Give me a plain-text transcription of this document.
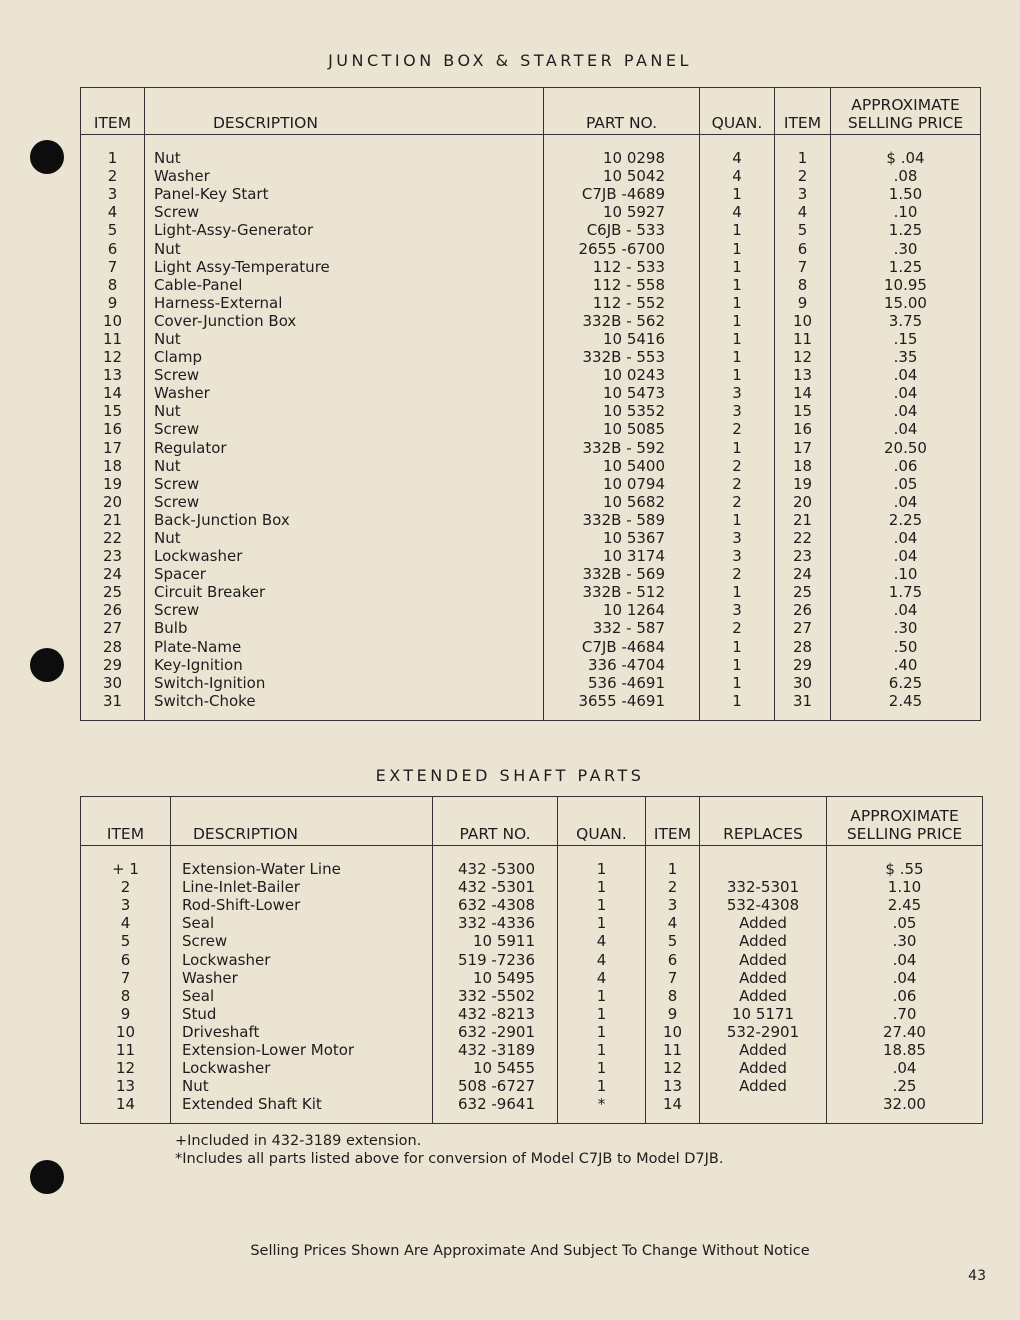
JUNCTION BOX & STARTER PANEL
ITEM	DESCRIPTION	PART NO.	QUAN.	ITEM	APPROXIMATE
SELLING PRICE

1	Nut	10 0298	4	1	$ .04
2	Washer	10 5042	4	2	.08
3	Panel-Key Start	C7JB -4689	1	3	1.50
4	Screw	10 5927	4	4	.10
5	Light-Assy-Generator	C6JB - 533	1	5	1.25
6	Nut	2655 -6700	1	6	.30
7	Light Assy-Temperature	112 - 533	1	7	1.25
8	Cable-Panel	112 - 558	1	8	10.95
9	Harness-External	112 - 552	1	9	15.00
10	Cover-Junction Box	332B - 562	1	10	3.75
11	Nut	10 5416	1	11	.15
12	Clamp	332B - 553	1	12	.35
13	Screw	10 0243	1	13	.04
14	Washer	10 5473	3	14	.04
15	Nut	10 5352	3	15	.04
16	Screw	10 5085	2	16	.04
17	Regulator	332B - 592	1	17	20.50
18	Nut	10 5400	2	18	.06
19	Screw	10 0794	2	19	.05
20	Screw	10 5682	2	20	.04
21	Back-Junction Box	332B - 589	1	21	2.25
22	Nut	10 5367	3	22	.04
23	Lockwasher	10 3174	3	23	.04
24	Spacer	332B - 569	2	24	.10
25	Circuit Breaker	332B - 512	1	25	1.75
26	Screw	10 1264	3	26	.04
27	Bulb	332 - 587	2	27	.30
28	Plate-Name	C7JB -4684	1	28	.50
29	Key-Ignition	336 -4704	1	29	.40
30	Switch-Ignition	536 -4691	1	30	6.25
31	Switch-Choke	3655 -4691	1	31	2.45
EXTENDED SHAFT PARTS
ITEM	DESCRIPTION	PART NO.	QUAN.	ITEM	REPLACES	APPROXIMATE
SELLING PRICE

+ 1	Extension-Water Line	432 -5300	1	1		$ .55
2	Line-Inlet-Bailer	432 -5301	1	2	332-5301	1.10
3	Rod-Shift-Lower	632 -4308	1	3	532-4308	2.45
4	Seal	332 -4336	1	4	Added	.05
5	Screw	10 5911	4	5	Added	.30
6	Lockwasher	519 -7236	4	6	Added	.04
7	Washer	10 5495	4	7	Added	.04
8	Seal	332 -5502	1	8	Added	.06
9	Stud	432 -8213	1	9	10 5171	.70
10	Driveshaft	632 -2901	1	10	532-2901	27.40
11	Extension-Lower Motor	432 -3189	1	11	Added	18.85
12	Lockwasher	10 5455	1	12	Added	.04
13	Nut	508 -6727	1	13	Added	.25
14	Extended Shaft Kit	632 -9641	*	14		32.00
+Included in 432-3189 extension.
*Includes all parts listed above for conversion of Model C7JB to Model D7JB.
Selling Prices Shown Are Approximate And Subject To Change Without Notice
43
